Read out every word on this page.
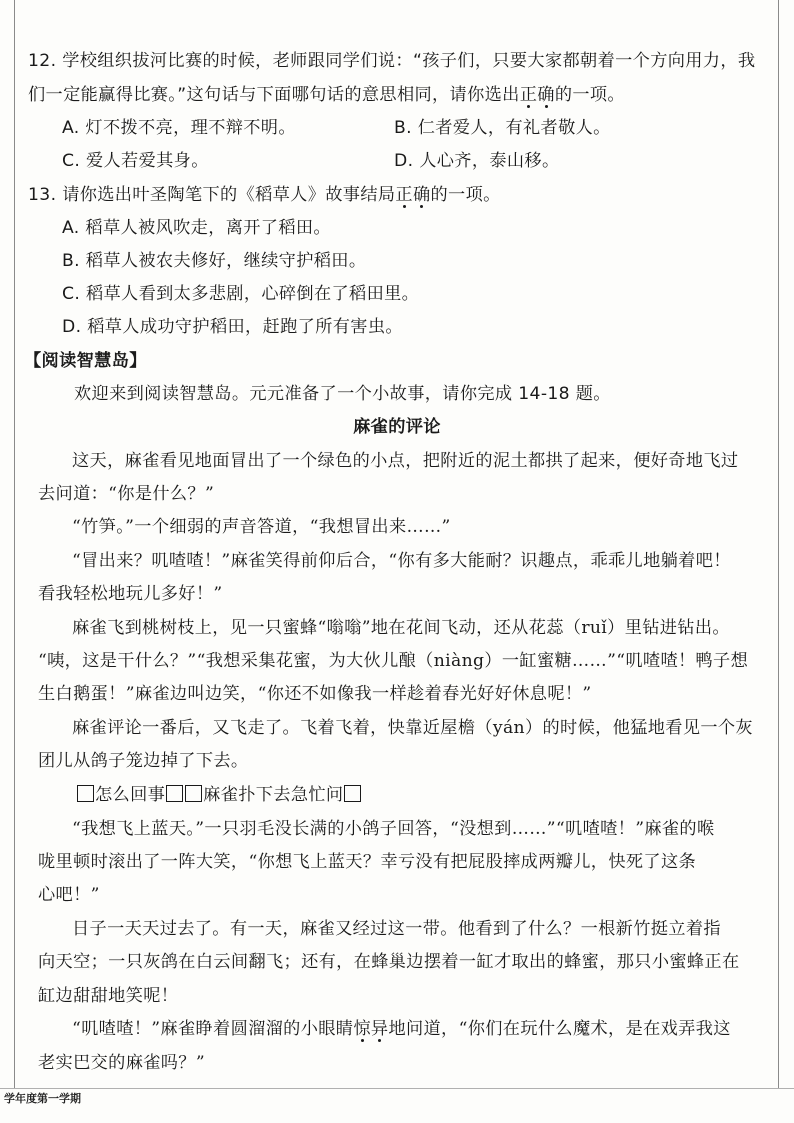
12. 学校组织拔河比赛的时候，老师跟同学们说：“孩子们，只要大家都朝着一个方向用力，我
们一定能赢得比赛。”这句话与下面哪句话的意思相同，请你选出正确的一项。
A. 灯不拨不亮，理不辩不明。	B. 仁者爱人，有礼者敬人。
C. 爱人若爱其身。	D. 人心齐，泰山移。
13. 请你选出叶圣陶笔下的《稻草人》故事结局正确的一项。
A. 稻草人被风吹走，离开了稻田。
B. 稻草人被农夫修好，继续守护稻田。
C. 稻草人看到太多悲剧，心碎倒在了稻田里。
D. 稻草人成功守护稻田，赶跑了所有害虫。
【阅读智慧岛】
欢迎来到阅读智慧岛。元元准备了一个小故事，请你完成 14-18 题。
麻雀的评论
这天，麻雀看见地面冒出了一个绿色的小点，把附近的泥土都拱了起来，便好奇地飞过
去问道：“你是什么？”
“竹笋。”一个细弱的声音答道，“我想冒出来……”
“冒出来？叽喳喳！”麻雀笑得前仰后合，“你有多大能耐？识趣点，乖乖儿地躺着吧！
看我轻松地玩儿多好！”
麻雀飞到桃树枝上，见一只蜜蜂“嗡嗡”地在花间飞动，还从花蕊（ruǐ）里钻进钻出。
“咦，这是干什么？”“我想采集花蜜，为大伙儿酿（niàng）一缸蜜糖……”“叽喳喳！鸭子想
生白鹅蛋！”麻雀边叫边笑，“你还不如像我一样趁着春光好好休息呢！”
麻雀评论一番后，又飞走了。飞着飞着，快靠近屋檐（yán）的时候，他猛地看见一个灰
团儿从鸽子笼边掉了下去。
怎么回事 麻雀扑下去急忙问
“我想飞上蓝天。”一只羽毛没长满的小鸽子回答，“没想到……”“叽喳喳！”麻雀的喉
咙里顿时滚出了一阵大笑，“你想飞上蓝天？幸亏没有把屁股摔成两瓣儿，快死了这条
心吧！”
日子一天天过去了。有一天，麻雀又经过这一带。他看到了什么？一根新竹挺立着指
向天空；一只灰鸽在白云间翻飞；还有，在蜂巢边摆着一缸才取出的蜂蜜，那只小蜜蜂正在
缸边甜甜地笑呢！
“叽喳喳！”麻雀睁着圆溜溜的小眼睛惊异地问道，“你们在玩什么魔术，是在戏弄我这
老实巴交的麻雀吗？”
学年度第一学期
